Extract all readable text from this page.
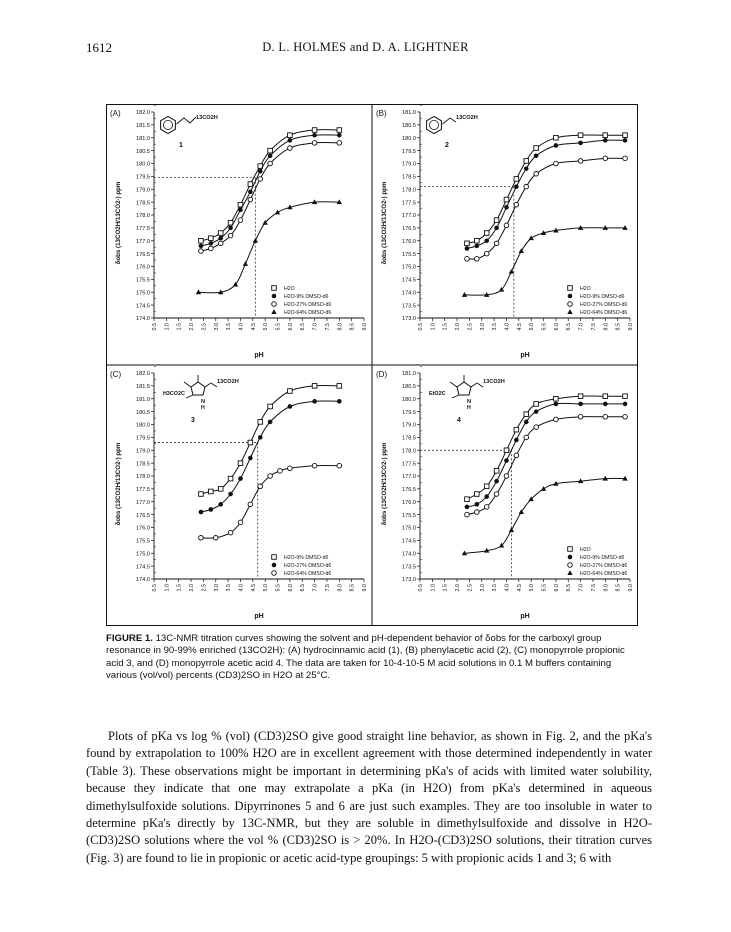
1612	D. L. HOLMES and D. A. LIGHTNER
(A)
174.0
174.5
175.0
175.5
176.0
176.5
177.0
177.5
178.0
178.5
179.0
179.5
180.0
180.5
181.0
181.5
182.0
0.5 1.0 1.5 2.0 2.5 3.0 3.5 4.0 4.5 5.0 5.5 6.0 6.5 7.0 7.5 8.0 8.5 9.0
pH
δobs (13CO2H/13CO2-) ppm
13CO2H
1
H2O
H2O-9% DMSO-d6
H2O-27% DMSO-d6
H2O-64% DMSO-d6
(B)
173.0
173.5
174.0
174.5
175.0
175.5
176.0
176.5
177.0
177.5
178.0
178.5
179.0
179.5
180.0
180.5
181.0
0.5 1.0 1.5 2.0 2.5 3.0 3.5 4.0 4.5 5.0 5.5 6.0 6.5 7.0 7.5 8.0 8.5 9.0
pH
δobs (13CO2H/13CO2-) ppm
13CO2H
2
H2O
H2O-9% DMSO-d6
H2O-27% DMSO-d6
H2O-64% DMSO-d6
(C)
174.0
174.5
175.0
175.5
176.0
176.5
177.0
177.5
178.0
178.5
179.0
179.5
180.0
180.5
181.0
181.5
182.0
0.5 1.0 1.5 2.0 2.5 3.0 3.5 4.0 4.5 5.0 5.5 6.0 6.5 7.0 7.5 8.0 8.5 9.0
pH
δobs (13CO2H/13CO2-) ppm
H3CO2C
13CO2H
N
H
3
H2O-9% DMSO-d6
H2O-27% DMSO-d6
H2O-64% DMSO-d6
(D)
173.0
173.5
174.0
174.5
175.0
175.5
176.0
176.5
177.0
177.5
178.0
178.5
179.0
179.5
180.0
180.5
181.0
0.5 1.0 1.5 2.0 2.5 3.0 3.5 4.0 4.5 5.0 5.5 6.0 6.5 7.0 7.5 8.0 8.5 9.0
pH
δobs (13CO2H/13CO2-) ppm
EtO2C
13CO2H
N
H
4
H2O
H2O-9% DMSO-d6
H2O-27% DMSO-d6
H2O-64% DMSO-d6
FIGURE 1. 13C-NMR titration curves showing the solvent and pH-dependent behavior of δobs for the carboxyl group resonance in 90-99% enriched (13CO2H): (A) hydrocinnamic acid (1), (B) phenylacetic acid (2), (C) monopyrrole propionic acid 3, and (D) monopyrrole acetic acid 4. The data are taken for 10-4-10-5 M acid solutions in 0.1 M buffers containing various (vol/vol) percents (CD3)2SO in H2O at 25°C.
Plots of pKa vs log % (vol) (CD3)2SO give good straight line behavior, as shown in Fig. 2, and the pKa's found by extrapolation to 100% H2O are in excellent agreement with those determined independently in water (Table 3). These observations might be important in determining pKa's of acids with limited water solubility, because they indicate that one may extrapolate a pKa (in H2O) from pKa's determined in aqueous dimethylsulfoxide solutions. Dipyrrinones 5 and 6 are just such examples. They are too insoluble in water to determine pKa's directly by 13C-NMR, but they are soluble in dimethylsulfoxide and dissolve in H2O-(CD3)2SO solutions where the vol % (CD3)2SO is > 20%. In H2O-(CD3)2SO solutions, their titration curves (Fig. 3) are found to lie in propionic or acetic acid-type groupings: 5 with propionic acids 1 and 3; 6 with
